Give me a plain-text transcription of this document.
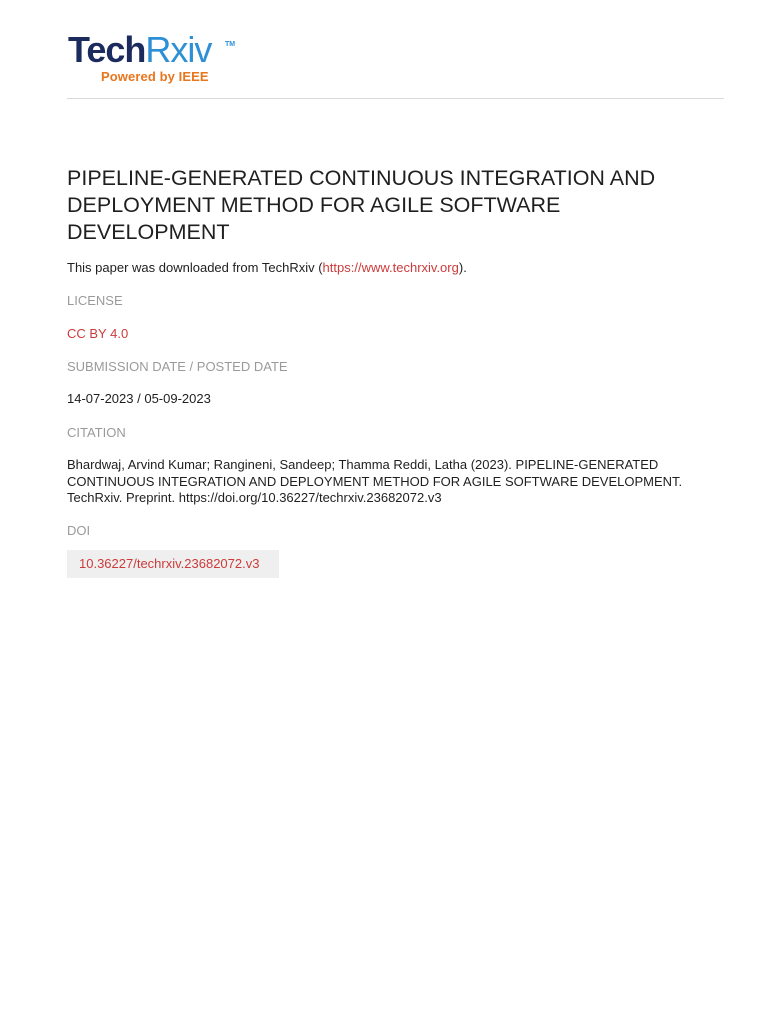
TechRxiv TM
Powered by IEEE
PIPELINE-GENERATED CONTINUOUS INTEGRATION AND DEPLOYMENT METHOD FOR AGILE SOFTWARE DEVELOPMENT
This paper was downloaded from TechRxiv (https://www.techrxiv.org).
LICENSE
CC BY 4.0
SUBMISSION DATE / POSTED DATE
14-07-2023 / 05-09-2023
CITATION
Bhardwaj, Arvind Kumar; Rangineni, Sandeep; Thamma Reddi, Latha (2023). PIPELINE-GENERATED
CONTINUOUS INTEGRATION AND DEPLOYMENT METHOD FOR AGILE SOFTWARE DEVELOPMENT.
TechRxiv. Preprint. https://doi.org/10.36227/techrxiv.23682072.v3
DOI
10.36227/techrxiv.23682072.v3
